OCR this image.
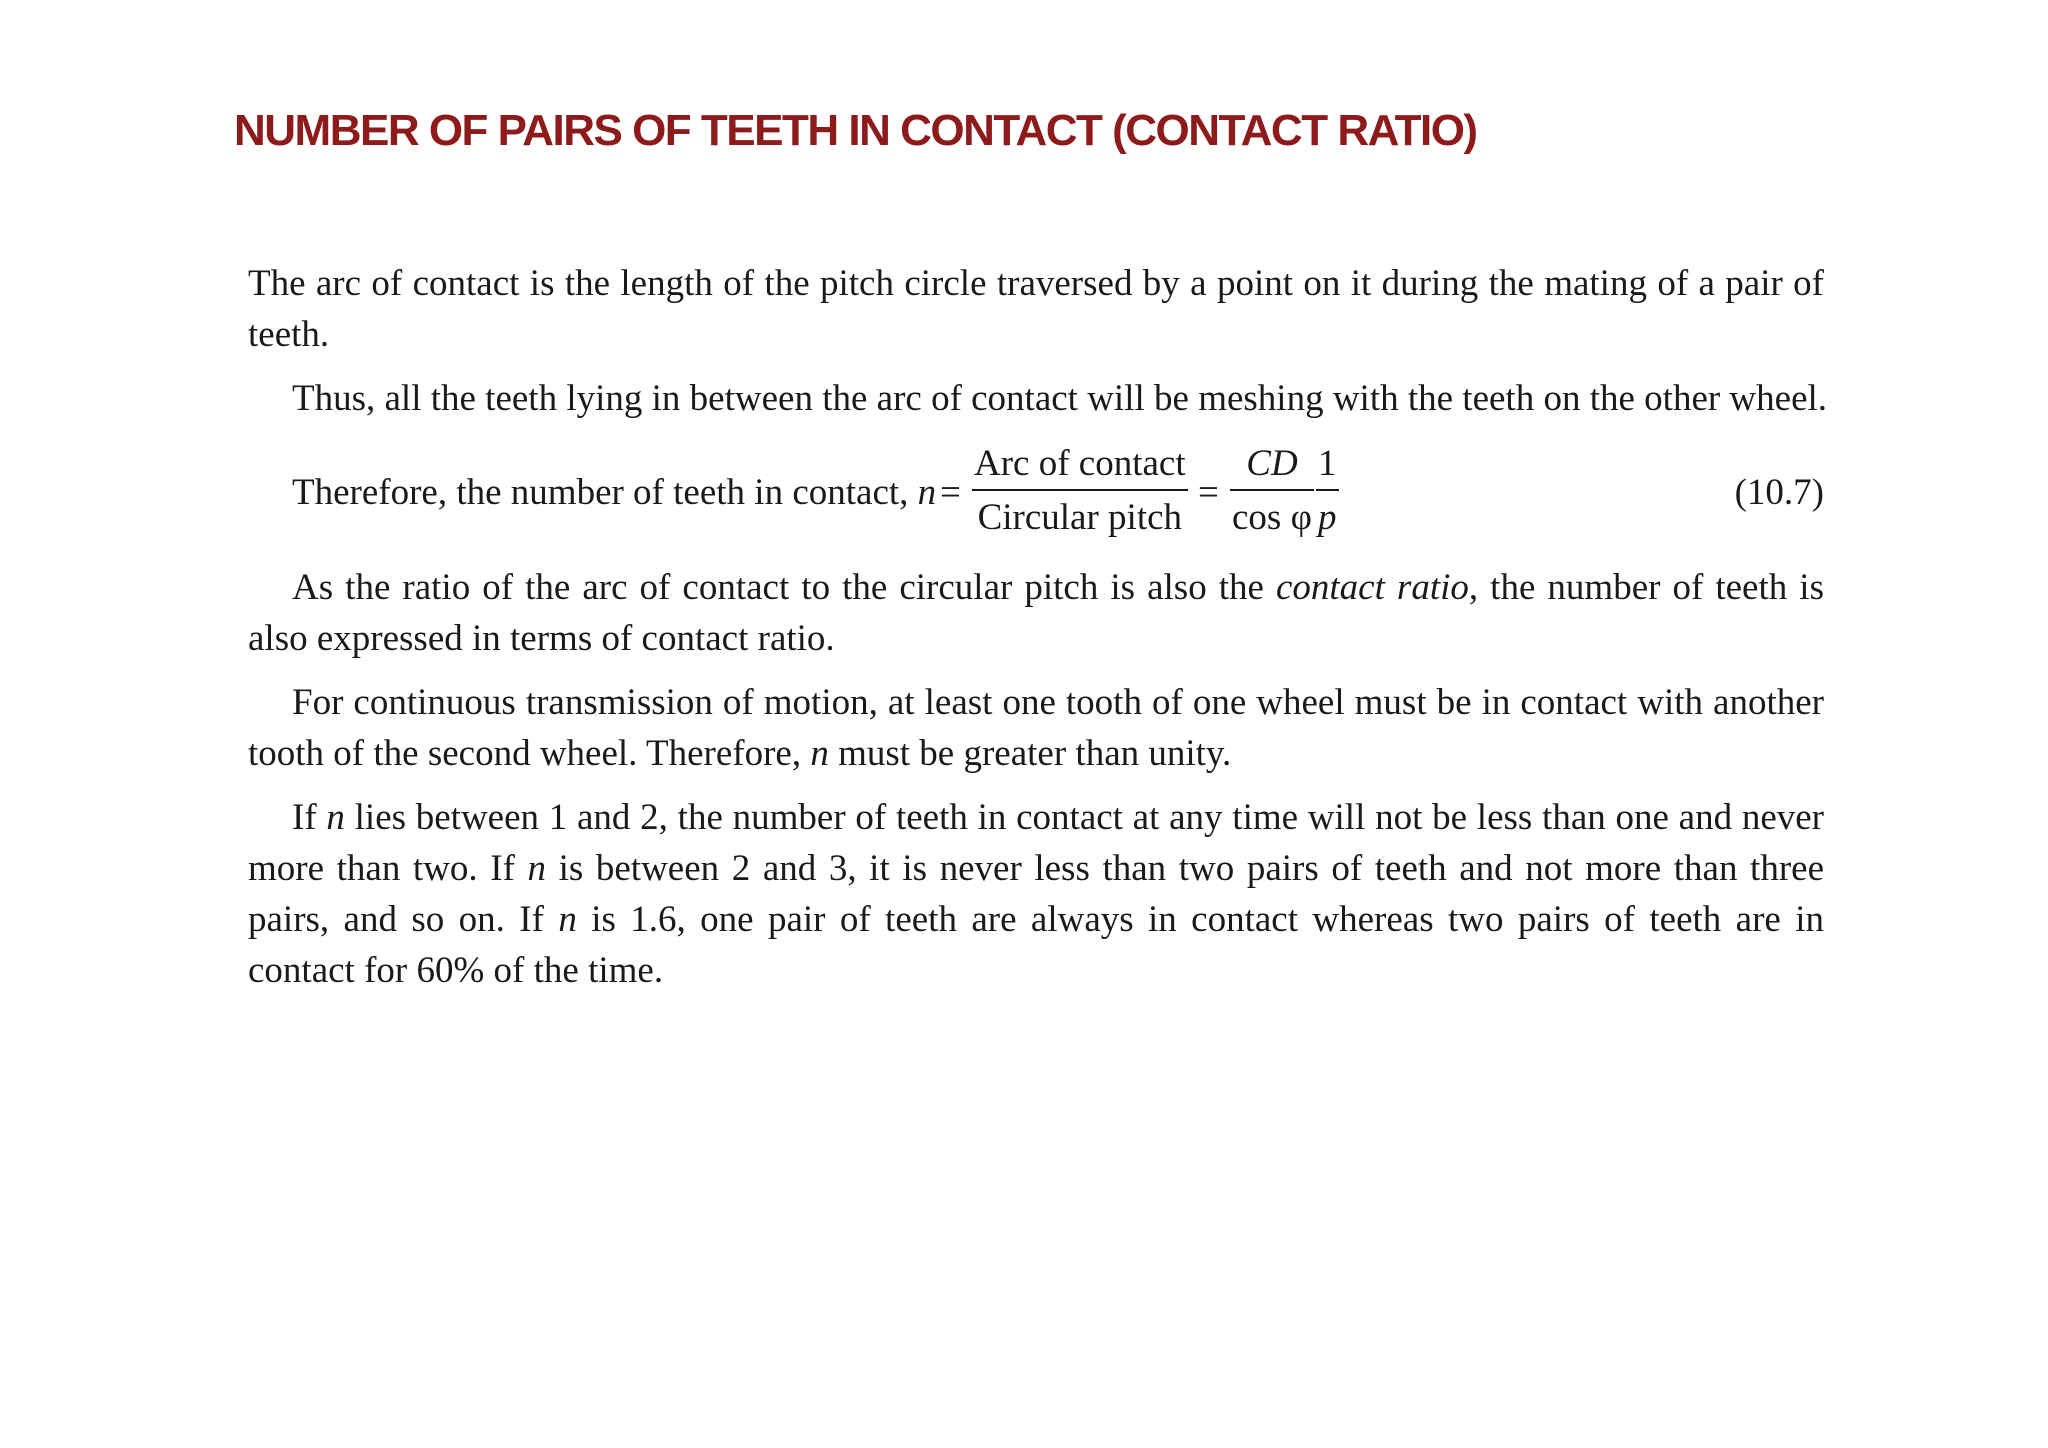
NUMBER OF PAIRS OF TEETH IN CONTACT (CONTACT RATIO)

The arc of contact is the length of the pitch circle traversed by a point on it during the mating of a pair of teeth.

Thus, all the teeth lying in between the arc of contact will be meshing with the teeth on the other wheel.

Therefore, the number of teeth in contact, n =
Arc of contact
Circular pitch
= $\frac{CD}{\text{cos φ}} \frac{1}{p}$	(10.7)

As the ratio of the arc of contact to the circular pitch is also the contact ratio, the number of teeth is also expressed in terms of contact ratio.

For continuous transmission of motion, at least one tooth of one wheel must be in contact with another tooth of the second wheel. Therefore, n must be greater than unity.

If n lies between 1 and 2, the number of teeth in contact at any time will not be less than one and never more than two. If n is between 2 and 3, it is never less than two pairs of teeth and not more than three pairs, and so on. If n is 1.6, one pair of teeth are always in contact whereas two pairs of teeth are in contact for 60% of the time.
